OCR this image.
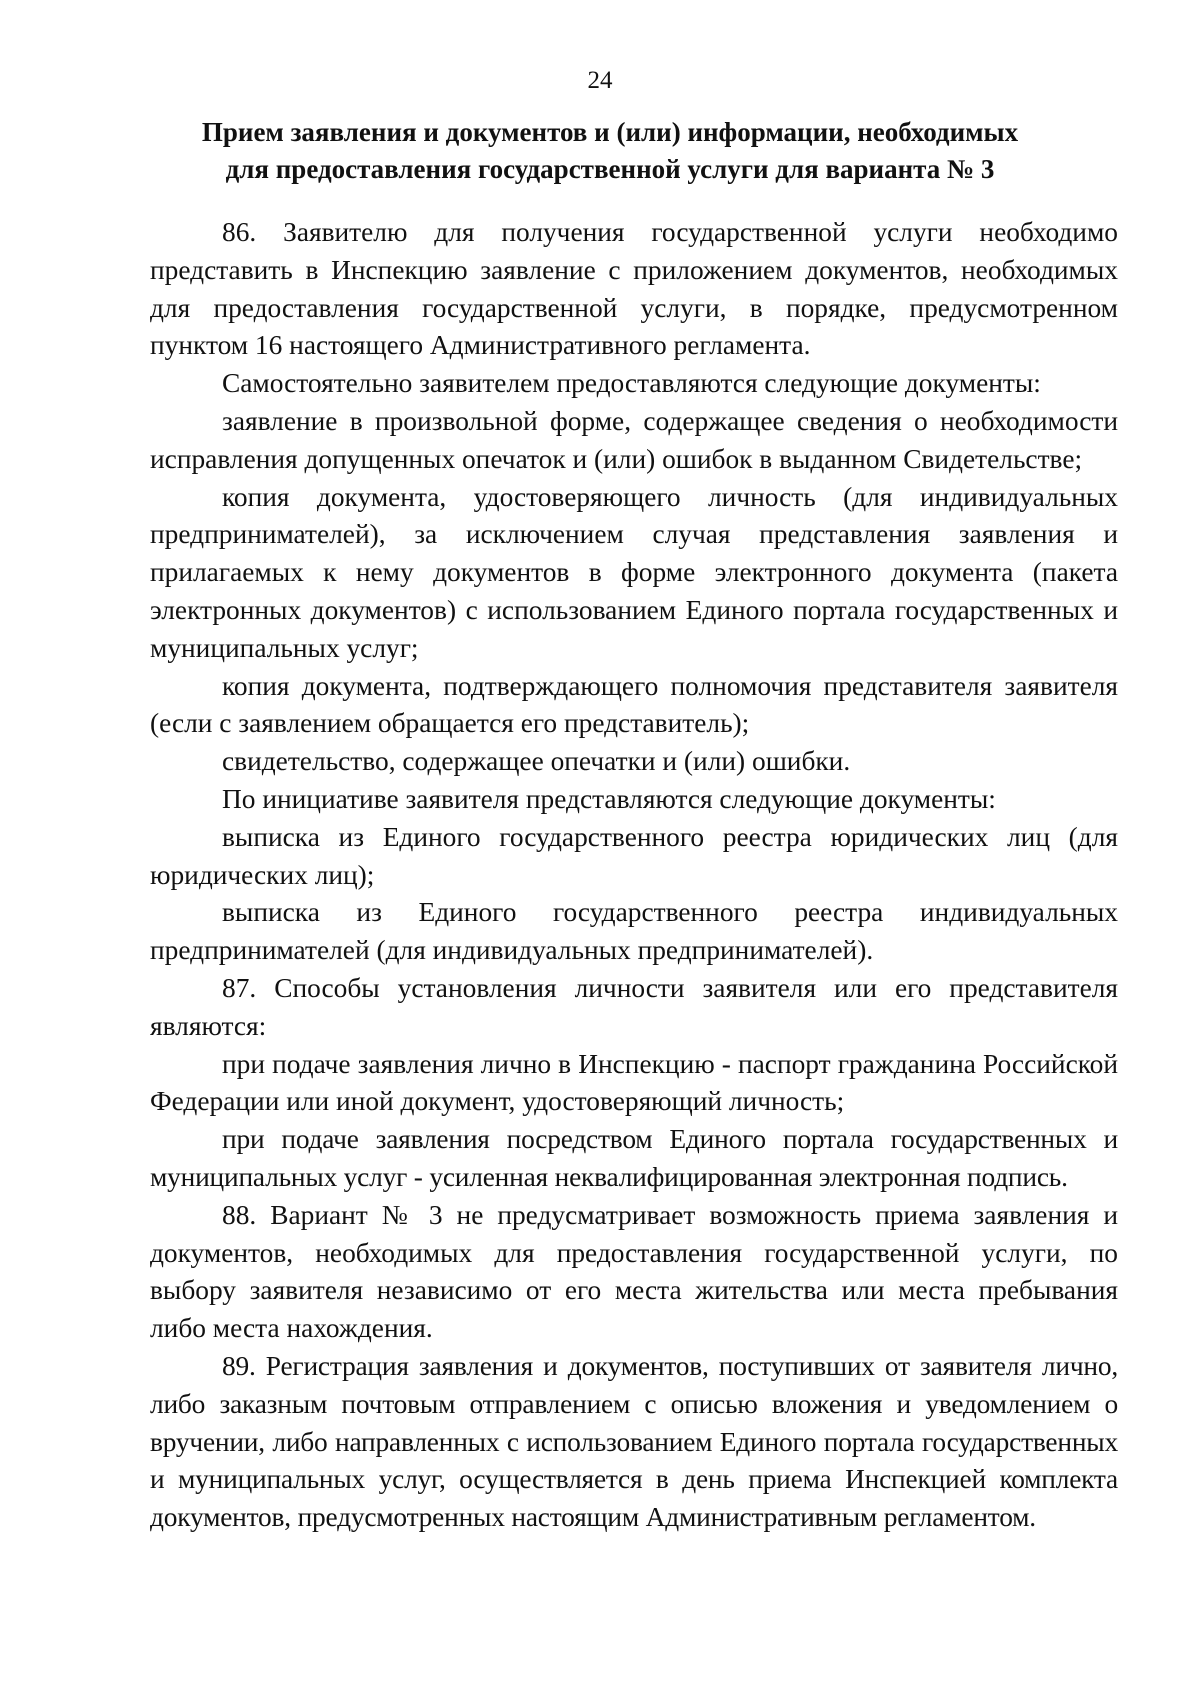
24
Прием заявления и документов и (или) информации, необходимых
для предоставления государственной услуги для варианта № 3

86. Заявителю для получения государственной услуги необходимо представить в Инспекцию заявление с приложением документов, необходимых для предоставления государственной услуги, в порядке, предусмотренном пунктом 16 настоящего Административного регламента.

Самостоятельно заявителем предоставляются следующие документы:

заявление в произвольной форме, содержащее сведения о необходимости исправления допущенных опечаток и (или) ошибок в выданном Свидетельстве;

копия документа, удостоверяющего личность (для индивидуальных предпринимателей), за исключением случая представления заявления и прилагаемых к нему документов в форме электронного документа (пакета электронных документов) с использованием Единого портала государственных и муниципальных услуг;

копия документа, подтверждающего полномочия представителя заявителя (если с заявлением обращается его представитель);

свидетельство, содержащее опечатки и (или) ошибки.

По инициативе заявителя представляются следующие документы:

выписка из Единого государственного реестра юридических лиц (для юридических лиц);

выписка из Единого государственного реестра индивидуальных предпринимателей (для индивидуальных предпринимателей).

87. Способы установления личности заявителя или его представителя являются:

при подаче заявления лично в Инспекцию - паспорт гражданина Российской Федерации или иной документ, удостоверяющий личность;

при подаче заявления посредством Единого портала государственных и муниципальных услуг - усиленная неквалифицированная электронная подпись.

88. Вариант № 3 не предусматривает возможность приема заявления и документов, необходимых для предоставления государственной услуги, по выбору заявителя независимо от его места жительства или места пребывания либо места нахождения.

89. Регистрация заявления и документов, поступивших от заявителя лично, либо заказным почтовым отправлением с описью вложения и уведомлением о вручении, либо направленных с использованием Единого портала государственных и муниципальных услуг, осуществляется в день приема Инспекцией комплекта документов, предусмотренных настоящим Административным регламентом.
